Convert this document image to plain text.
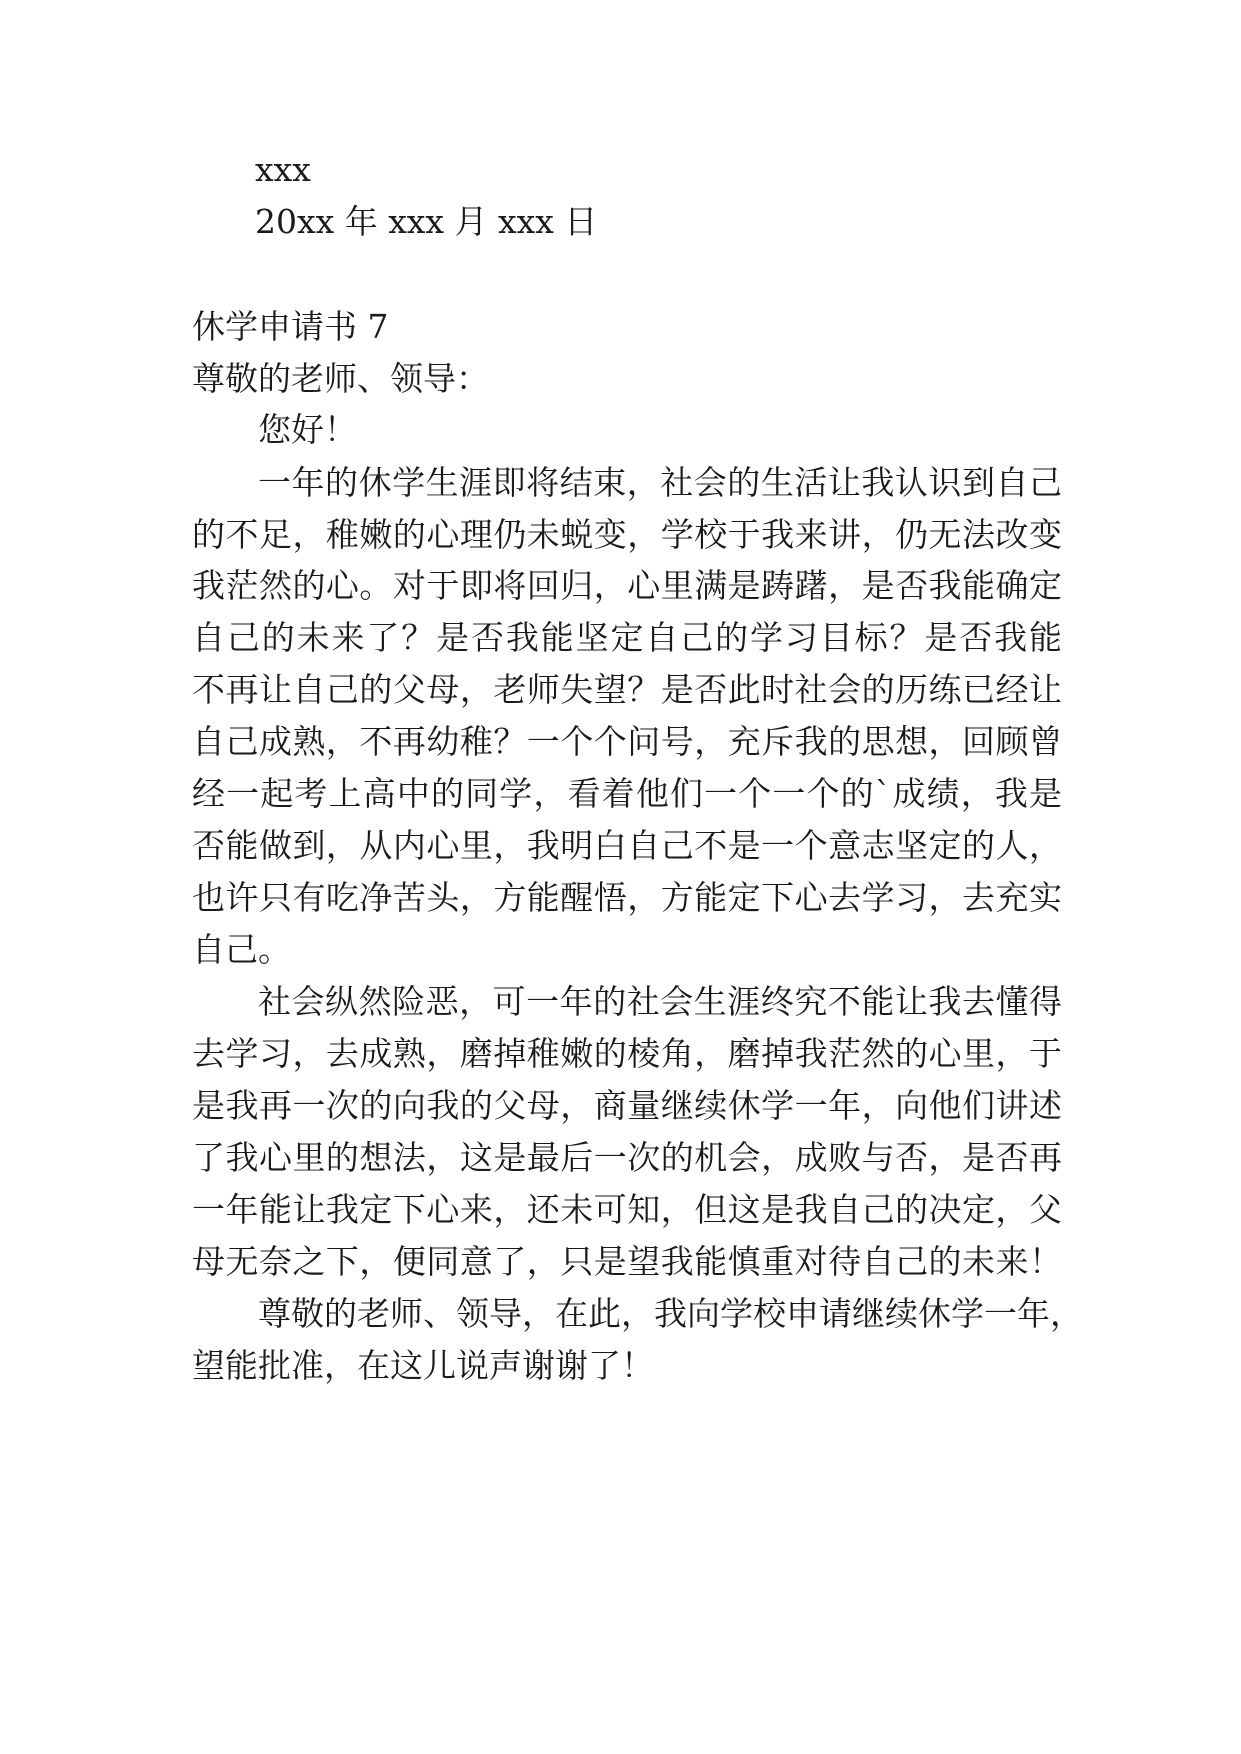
xxx
20xx 年 xxx 月 xxx 日
休学申请书 7
尊敬的老师、领导：
您好！
一年的休学生涯即将结束，社会的生活让我认识到自己
的不足，稚嫩的心理仍未蜕变，学校于我来讲，仍无法改变
我茫然的心。对于即将回归，心里满是踌躇，是否我能确定
自己的未来了？是否我能坚定自己的学习目标？是否我能
不再让自己的父母，老师失望？是否此时社会的历练已经让
自己成熟，不再幼稚？一个个问号，充斥我的思想，回顾曾
经一起考上高中的同学，看着他们一个一个的`成绩，我是
否能做到，从内心里，我明白自己不是一个意志坚定的人，
也许只有吃净苦头，方能醒悟，方能定下心去学习，去充实
自己。
社会纵然险恶，可一年的社会生涯终究不能让我去懂得
去学习，去成熟，磨掉稚嫩的棱角，磨掉我茫然的心里，于
是我再一次的向我的父母，商量继续休学一年，向他们讲述
了我心里的想法，这是最后一次的机会，成败与否，是否再
一年能让我定下心来，还未可知，但这是我自己的决定，父
母无奈之下，便同意了，只是望我能慎重对待自己的未来！
尊敬的老师、领导，在此，我向学校申请继续休学一年，
望能批准，在这儿说声谢谢了！
